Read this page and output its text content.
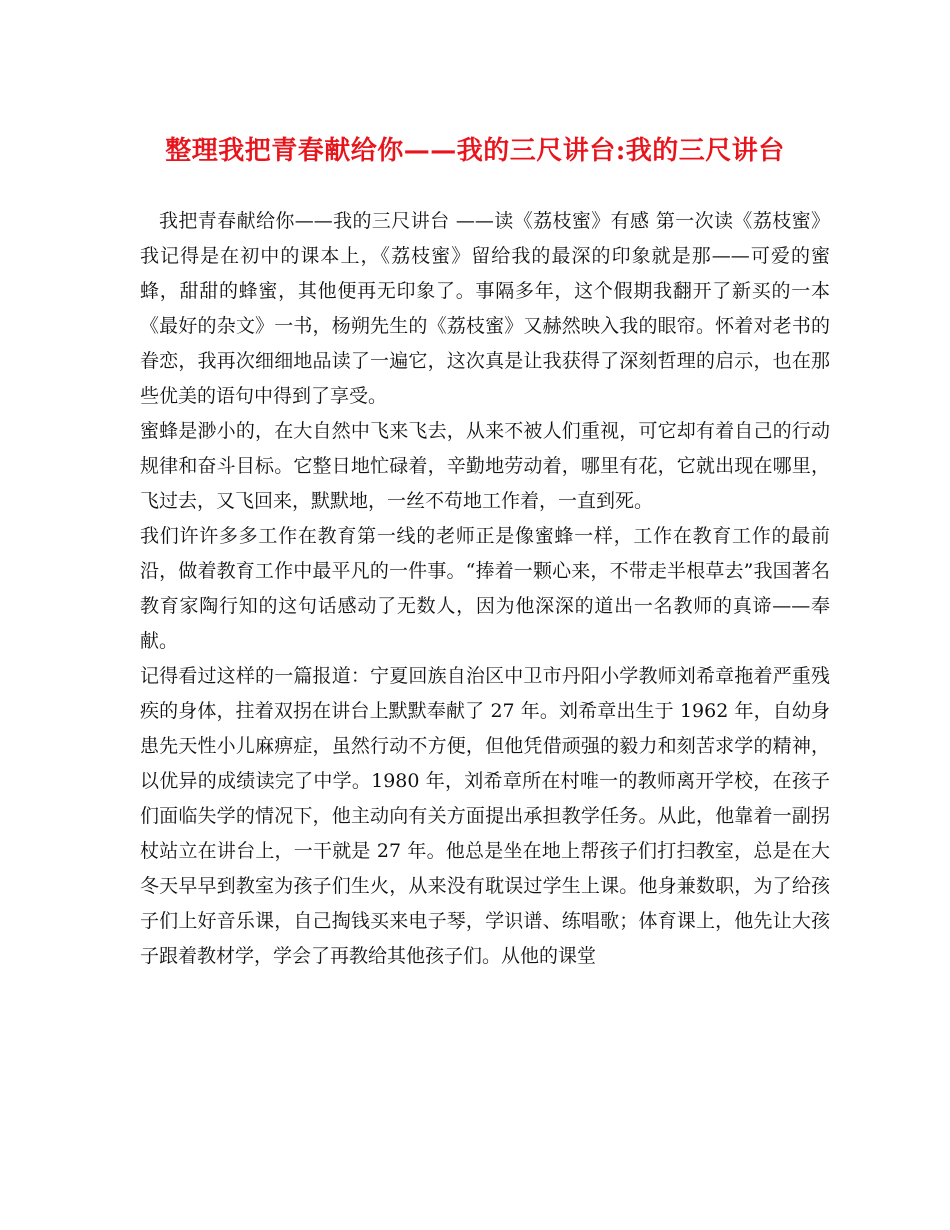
整理我把青春献给你——我的三尺讲台:我的三尺讲台

我把青春献给你——我的三尺讲台 ——读《荔枝蜜》有感 第一次读《荔枝蜜》我记得是在初中的课本上，《荔枝蜜》留给我的最深的印象就是那——可爱的蜜蜂，甜甜的蜂蜜，其他便再无印象了。事隔多年，这个假期我翻开了新买的一本《最好的杂文》一书，杨朔先生的《荔枝蜜》又赫然映入我的眼帘。怀着对老书的眷恋，我再次细细地品读了一遍它，这次真是让我获得了深刻哲理的启示，也在那些优美的语句中得到了享受。

蜜蜂是渺小的，在大自然中飞来飞去，从来不被人们重视，可它却有着自己的行动规律和奋斗目标。它整日地忙碌着，辛勤地劳动着，哪里有花，它就出现在哪里，飞过去，又飞回来，默默地，一丝不苟地工作着，一直到死。

我们许许多多工作在教育第一线的老师正是像蜜蜂一样，工作在教育工作的最前沿，做着教育工作中最平凡的一件事。“捧着一颗心来，不带走半根草去”我国著名教育家陶行知的这句话感动了无数人，因为他深深的道出一名教师的真谛——奉献。

记得看过这样的一篇报道：宁夏回族自治区中卫市丹阳小学教师刘希章拖着严重残疾的身体，拄着双拐在讲台上默默奉献了 27 年。刘希章出生于 1962 年，自幼身患先天性小儿麻痹症，虽然行动不方便，但他凭借顽强的毅力和刻苦求学的精神，以优异的成绩读完了中学。1980 年，刘希章所在村唯一的教师离开学校，在孩子们面临失学的情况下，他主动向有关方面提出承担教学任务。从此，他靠着一副拐杖站立在讲台上，一干就是 27 年。他总是坐在地上帮孩子们打扫教室，总是在大冬天早早到教室为孩子们生火，从来没有耽误过学生上课。他身兼数职，为了给孩子们上好音乐课，自己掏钱买来电子琴，学识谱、练唱歌；体育课上，他先让大孩子跟着教材学，学会了再教给其他孩子们。从他的课堂
